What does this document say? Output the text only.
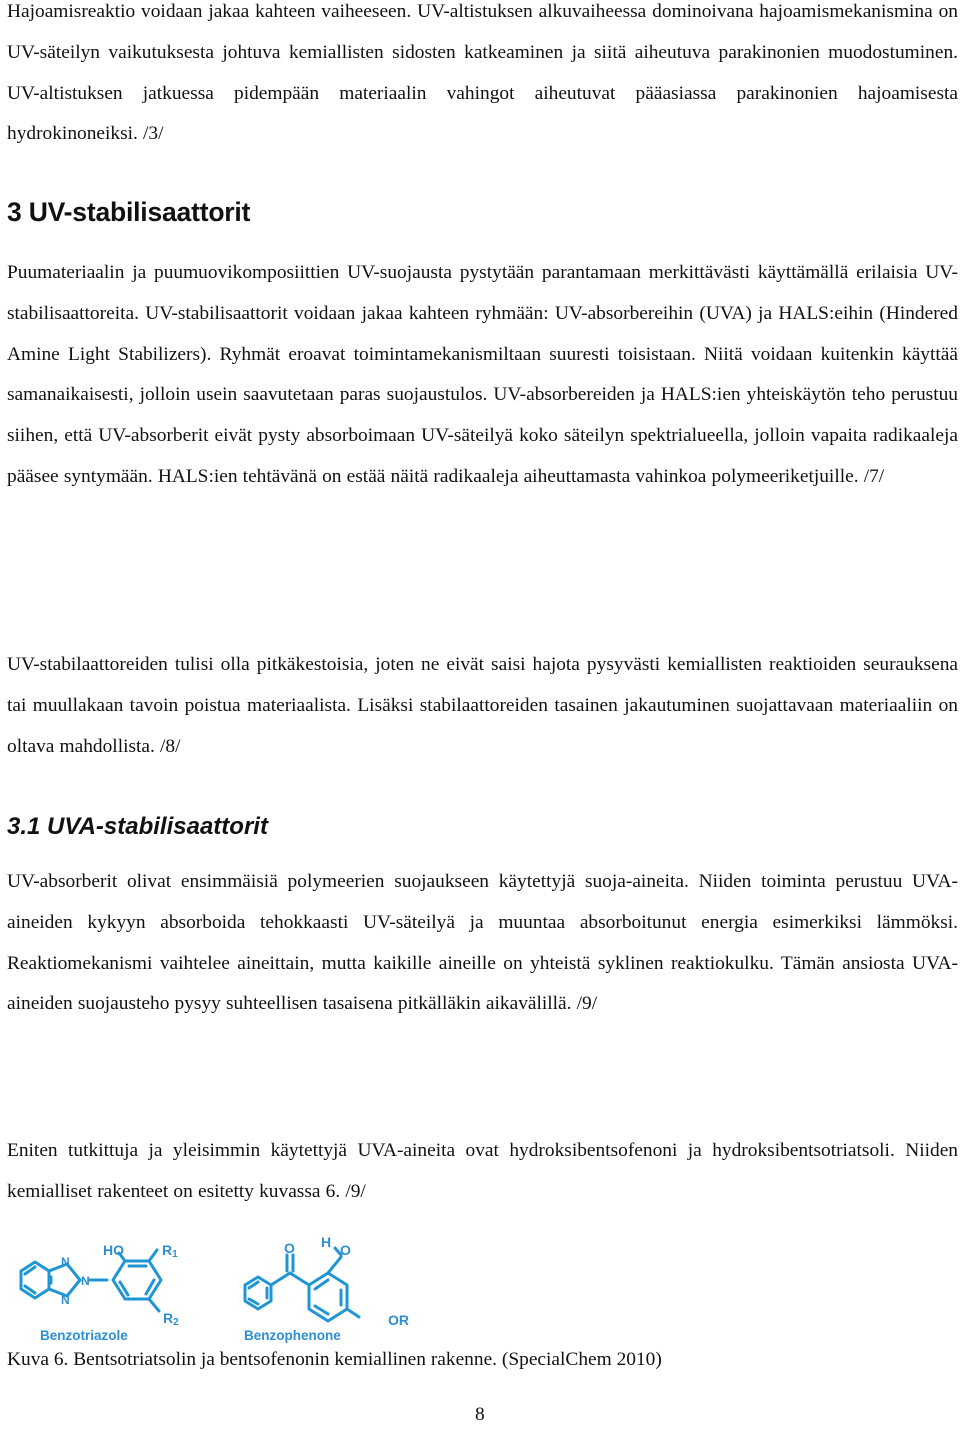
Hajoamisreaktio voidaan jakaa kahteen vaiheeseen. UV-altistuksen alkuvaiheessa dominoivana hajoamismekanismina on UV-säteilyn vaikutuksesta johtuva kemiallisten sidosten katkeaminen ja siitä aiheutuva parakinonien muodostuminen. UV-altistuksen jatkuessa pidempään materiaalin vahingot aiheutuvat pääasiassa parakinonien hajoamisesta hydrokinoneiksi. /3/

3 UV-stabilisaattorit

Puumateriaalin ja puumuovikomposiittien UV-suojausta pystytään parantamaan merkittävästi käyttämällä erilaisia UV-stabilisaattoreita. UV-stabilisaattorit voidaan jakaa kahteen ryhmään: UV-absorbereihin (UVA) ja HALS:eihin (Hindered Amine Light Stabilizers). Ryhmät eroavat toimintamekanismiltaan suuresti toisistaan. Niitä voidaan kuitenkin käyttää samanaikaisesti, jolloin usein saavutetaan paras suojaustulos. UV-absorbereiden ja HALS:ien yhteiskäytön teho perustuu siihen, että UV-absorberit eivät pysty absorboimaan UV-säteilyä koko säteilyn spektrialueella, jolloin vapaita radikaaleja pääsee syntymään. HALS:ien tehtävänä on estää näitä radikaaleja aiheuttamasta vahinkoa polymeeriketjuille. /7/

UV-stabilaattoreiden tulisi olla pitkäkestoisia, joten ne eivät saisi hajota pysyvästi kemiallisten reaktioiden seurauksena tai muullakaan tavoin poistua materiaalista. Lisäksi stabilaattoreiden tasainen jakautuminen suojattavaan materiaaliin on oltava mahdollista. /8/

3.1 UVA-stabilisaattorit

UV-absorberit olivat ensimmäisiä polymeerien suojaukseen käytettyjä suoja-aineita. Niiden toiminta perustuu UVA-aineiden kykyyn absorboida tehokkaasti UV-säteilyä ja muuntaa absorboitunut energia esimerkiksi lämmöksi. Reaktiomekanismi vaihtelee aineittain, mutta kaikille aineille on yhteistä syklinen reaktiokulku. Tämän ansiosta UVA-aineiden suojausteho pysyy suhteellisen tasaisena pitkälläkin aikavälillä. /9/

Eniten tutkittuja ja yleisimmin käytettyjä UVA-aineita ovat hydroksibentsofenoni ja hydroksibentsotriatsoli. Niiden kemialliset rakenteet on esitetty kuvassa 6. /9/

N
N
N
HO	R1
R2
Benzotriazole
O H O
OR
Benzophenone

Kuva 6. Bentsotriatsolin ja bentsofenonin kemiallinen rakenne. (SpecialChem 2010)

8
